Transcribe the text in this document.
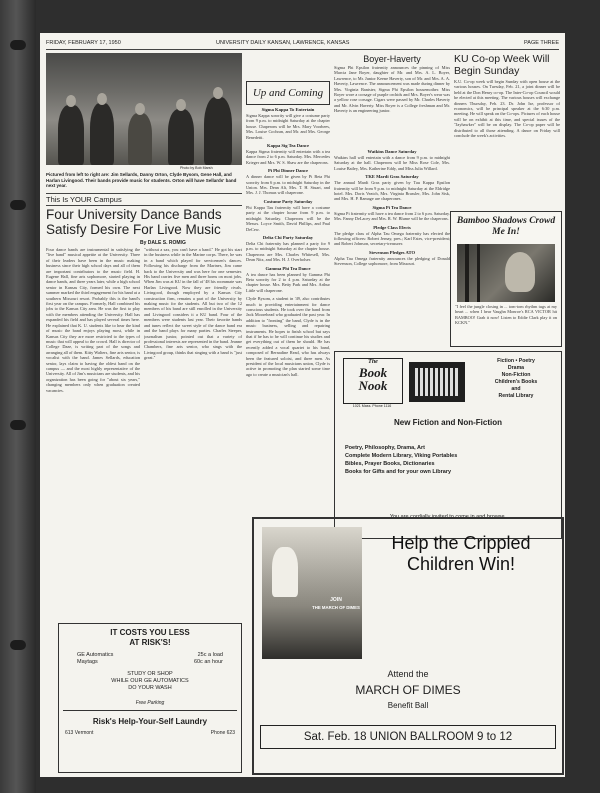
FRIDAY, FEBRUARY 17, 1950	UNIVERSITY DAILY KANSAN, LAWRENCE, KANSAS	PAGE THREE
Photo by Bob Marsh
Pictured from left to right are: Jim Sellards, Danny Orton, Clyde Bysom, Gene Hall, and Harlan Livingood. Their bands provide music for students. Orton will have Sellards' band next year.
This Is YOUR Campus
Four University Dance Bands Satisfy Desire For Live Music
By DALE S. ROMIG
Four dance bands are instrumental in satisfying the "live band" musical appetite at the University. Three of their leaders have been in the music making business since their high school days and all of them are important contributors to the music field. H. Eugene Hall, fine arts sophomore, started playing in dance bands, and three years later, while a high school senior in Kansas City, formed his own. The next summer marked the third engagement for his band at a southern Missouri resort. Probably this is the band's first year on the campus. Formerly, Hall combined his jobs to the Kansas City area. He was the first to play with the members attending the University. Hall has expanded his field and has played several times here. He explained that K. U. students like to hear the kind of music the band enjoys playing most, while in Kansas City they are more restricted to the types of music that will appeal to the crowd. Hall is director of College Daze, is writing part of the songs and arranging all of them. Kitty Walters, fine arts senior, is vocalist with the band. James Sellards, education senior, lays claim to having the oldest band on the campus — and the most highly representative of the University. All of Jim's musicians are students, and his organization has been going for "about six years," changing members only when graduation created vacancies.
"without a sax, you can't have a band." He got his start in the business while in the Marine corps. There, he was in a band which played for servicemen's dances. Following his discharge from the Marines, Jim came back to the University and was here for one semester. His band carries five men and three horns on most jobs. When Jim was at KU in the fall of '48 his roommate was Harlan Livingood. Now they are friendly rivals. Livingood, though employed by a Kansas City construction firm, remains a part of the University by making music for the students. All but two of the 12 members of his band are still enrolled in the University and Livingood considers it a KU band. Four of the members were students last year. Their favorite bands and tunes reflect the sweet style of the dance band era and the band plays for many parties. Charles Steeper, journalism junior, pointed out that a variety of professional interests are represented in the band. Jeanne Chambers, fine arts senior, who sings with the Livingood group, thinks that singing with a band is "just great."
Up and Coming
Sigma Kappa To Entertain
Sigma Kappa sorority will give a costume party from 9 p.m. to midnight Saturday at the chapter house. Chaperons will be Mrs. Mary Voorhees, Mrs. Louise Cochran, and Mr. and Mrs. George Benedetti.
Kappa Sig Tea Dance
Kappa Sigma fraternity will entertain with a tea dance from 2 to 6 p.m. Saturday. Mrs. Mercedes Krieger and Mrs. W. S. Shaw are the chaperons.
Pi Phi Dinner Dance
A dinner dance will be given by Pi Beta Phi sorority from 6 p.m. to midnight Saturday in the Union. Mrs. Dean Alt, Mrs. T. H. Stuart, and Mrs. J. J. Thomas will chaperone.
Costume Party Saturday
Phi Kappa Tau fraternity will have a costume party at the chapter house from 9 p.m. to midnight Saturday. Chaperons will be the Messrs. Loyce Smith, David Phillips, and Paul DeCew.
Delta Chi Party Saturday
Delta Chi fraternity has planned a party for 9 p.m. to midnight Saturday at the chapter house. Chaperons are Mrs. Charles Whitesell, Mrs. Dean Nitz, and Mrs. H. J. Overholser.
Gamma Phi Tea Dance
A tea dance has been planned by Gamma Phi Beta sorority for 2 to 4 p.m. Saturday at the chapter house. Mrs. Betty Park and Mrs. Arthur Little will chaperone.
Clyde Bysom, a student in '49, also contributes much to providing entertainment for dance conscious students. He took over the band from Jack Moorehead who graduated the past year. In addition to "fronting" the band, Clyde is in the music business, selling and repairing instruments. He hopes to finish school but says that if he has to he will continue his studies and get everything out of them he should. He has recently added a vocal quartet to his band, composed of Bernadine Read, who has always been the featured soloist, and three men. As president of the local musicians union, Clyde is active in promoting the plan started some time ago to create a musician's hall.
Boyer-Haverty
Sigma Phi Epsilon fraternity announces the pinning of Miss Marcia Jane Boyer, daughter of Mr. and Mrs. A. L. Boyer, Lawrence, to Mr. Junior Keene Haverty, son of Mr. and Mrs. A. A. Haverty, Lawrence. The announcement was made during dinner by Mrs. Virginia Banister, Sigma Phi Epsilon housemother. Miss Boyer wore a corsage of purple orchids and Mrs. Boyer's wear was a yellow rose corsage. Cigars were passed by Mr. Charles Haverty and Mr. Alvin Haverty. Miss Boyer is a College freshman and Mr. Haverty is an engineering junior.
Watkins Dance Saturday
Watkins hall will entertain with a dance from 9 p.m. to midnight Saturday at the hall. Chaperons will be Miss Rose Cole, Mrs. Louise Bailey, Mrs. Katherine Eddy, and Miss Julia Willard.
TKE Mardi Gras Saturday
The annual Mardi Gras party given by Tau Kappa Epsilon fraternity will be from 9 p.m. to midnight Saturday at the Eldridge hotel. Mrs. Doris Veatch, Mrs. Virginia Brassler, Mrs. John Sisk, and Mrs. H. P. Ramage are chaperones.
Sigma Pi Tea Dance
Sigma Pi fraternity will have a tea dance from 2 to 6 p.m. Saturday. Mrs. Fanny DeLacey and Mrs. R. W. Blume will be the chaperons.
Pledge Class Elects
The pledge class of Alpha Tau Omega fraternity has elected the following officers: Robert Jernay, pres.; Karl Estes, vice-president; and Robert Johnson, secretary-treasurer.
Stevenson Pledges ATO
Alpha Tau Omega fraternity announces the pledging of Donald Stevenson, College sophomore, from Missouri.
KU Co-op Week Will Begin Sunday
K.U. Co-op week will begin Sunday with open house at the various houses. On Tuesday, Feb. 21, a joint dinner will be held at the Don Henry co-op. The Inter-Co-op Council would be elected at this meeting. The various houses will exchange dinners Thursday, Feb. 23. Dr. John Ise, professor of economics, will be principal speaker at the 6:30 p.m. meeting. He will speak on the Co-ops. Pictures of each house will be on exhibit at this time, and special issues of the "Jayhawker" will be on display. The Co-op paper will be distributed to all those attending. A dance on Friday will conclude the week's activities.
Bamboo Shadows Crowd Me In!
"I feel the jungle closing in ... tom-tom rhythm tugs at my heart ... when I hear Vaughn Monroe's RCA VICTOR hit BAMBOO! Grab it now! Listen to Eddie Clark play it on KCKN."
The
Book
Nook
1021 Mass. Phone 1116
Fiction • Poetry
Drama
Non-Fiction
Children's Books
and
Rental Library
New Fiction and Non-Fiction
Poetry, Philosophy, Drama, Art
Complete Modern Library, Viking Portables
Bibles, Prayer Books, Dictionaries
Books for Gifts and for your own Library
You are cordially invited to come in and browse.
IT COSTS YOU LESS
AT RISK'S!
GE Automatics	25c a load
Maytags	60c an hour
STUDY OR SHOP
WHILE OUR GE AUTOMATICS
DO YOUR WASH
Free Parking
Risk's Help-Your-Self Laundry
613 Vermont	Phone 623
JOIN
THE MARCH OF DIMES
Help the Crippled Children Win!
Attend the
MARCH OF DIMES
Benefit Ball
Sat. Feb. 18 UNION BALLROOM 9 to 12
